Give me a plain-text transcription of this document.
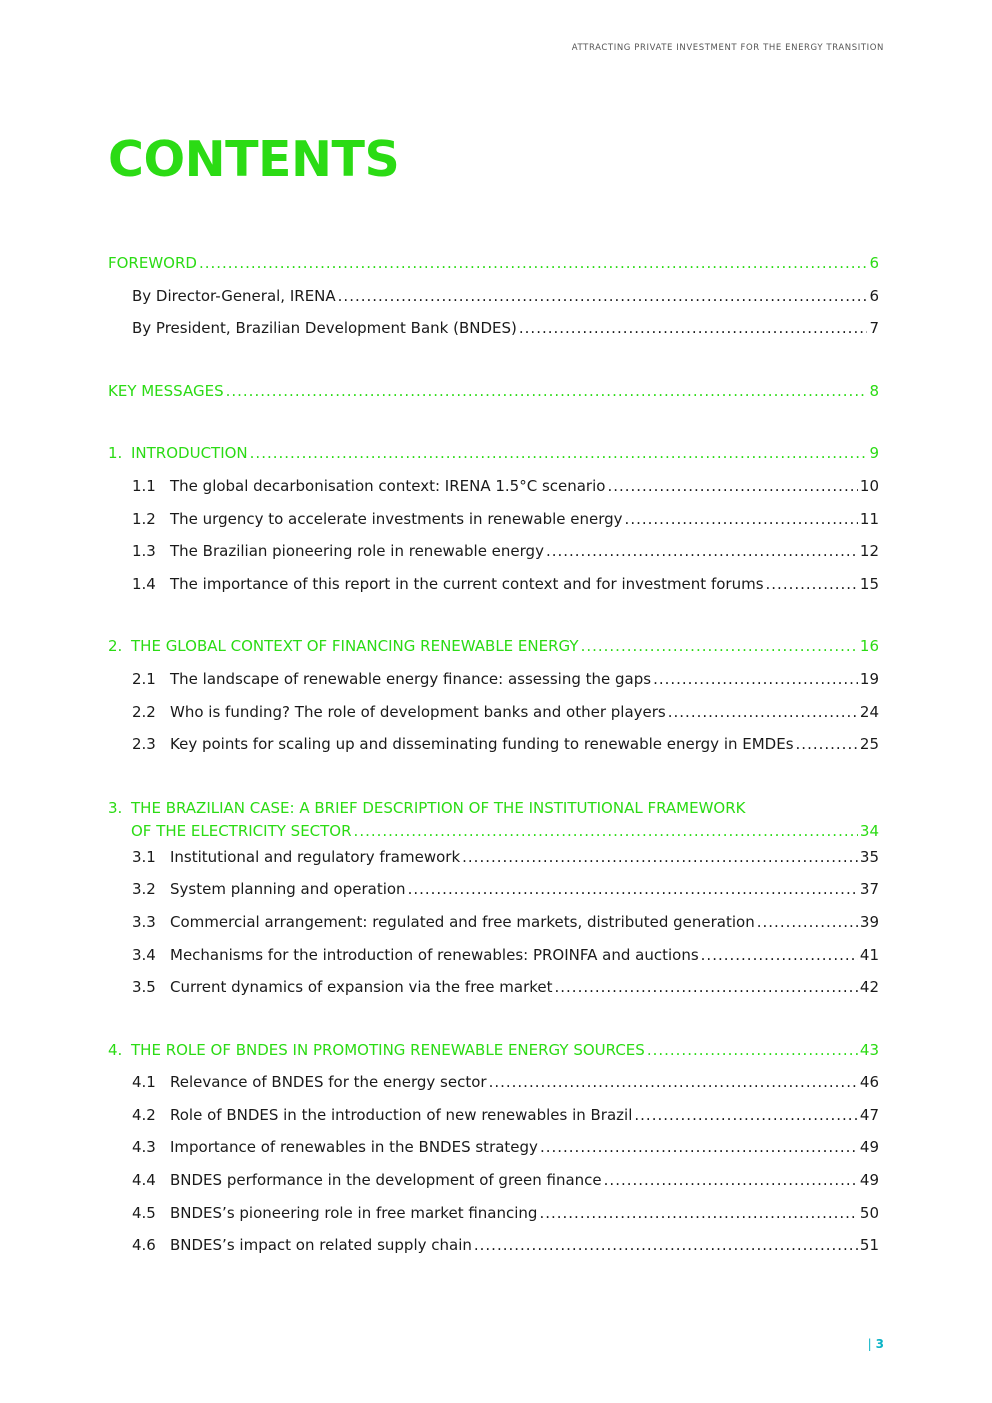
ATTRACTING PRIVATE INVESTMENT FOR THE ENERGY TRANSITION
CONTENTS
FOREWORD .....	6
By Director-General, IRENA .....	6
By President, Brazilian Development Bank (BNDES) .....	7
KEY MESSAGES .....	8
1. INTRODUCTION .....	9
1.1 The global decarbonisation context: IRENA 1.5°C scenario .....	10
1.2 The urgency to accelerate investments in renewable energy .....	11
1.3 The Brazilian pioneering role in renewable energy .....	12
1.4 The importance of this report in the current context and for investment forums .....	15
2. THE GLOBAL CONTEXT OF FINANCING RENEWABLE ENERGY .....	16
2.1 The landscape of renewable energy finance: assessing the gaps .....	19
2.2 Who is funding? The role of development banks and other players .....	24
2.3 Key points for scaling up and disseminating funding to renewable energy in EMDEs .....	25
3. THE BRAZILIAN CASE: A BRIEF DESCRIPTION OF THE INSTITUTIONAL FRAMEWORK
OF THE ELECTRICITY SECTOR .....	34
3.1 Institutional and regulatory framework .....	35
3.2 System planning and operation .....	37
3.3 Commercial arrangement: regulated and free markets, distributed generation .....	39
3.4 Mechanisms for the introduction of renewables: PROINFA and auctions .....	41
3.5 Current dynamics of expansion via the free market .....	42
4. THE ROLE OF BNDES IN PROMOTING RENEWABLE ENERGY SOURCES .....	43
4.1 Relevance of BNDES for the energy sector .....	46
4.2 Role of BNDES in the introduction of new renewables in Brazil .....	47
4.3 Importance of renewables in the BNDES strategy .....	49
4.4 BNDES performance in the development of green finance .....	49
4.5 BNDES’s pioneering role in free market financing .....	50
4.6 BNDES’s impact on related supply chain .....	51
| 3
